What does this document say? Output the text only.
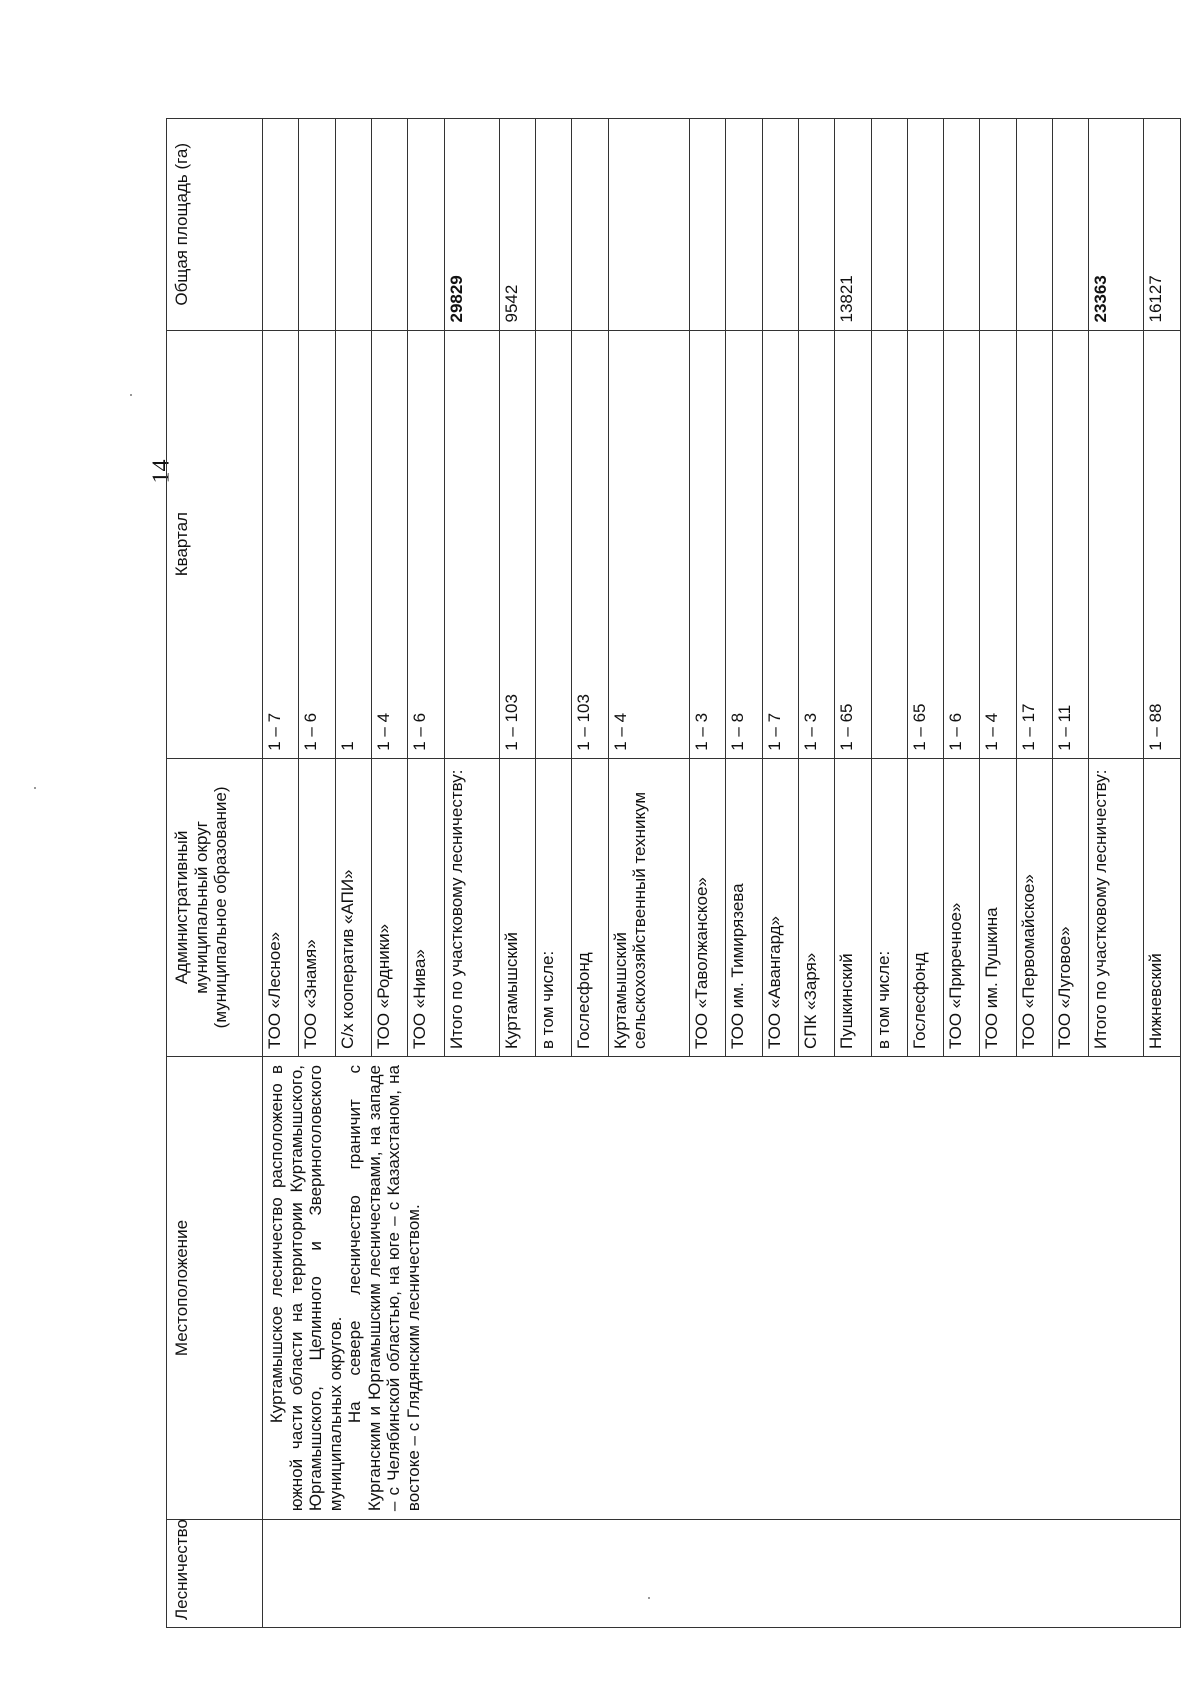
14
Лесничество	Местоположение	Административный муниципальный округ (муниципальное образование)	Квартал	Общая площадь (га)

	Куртамышское лесничество расположено в южной части области на территории Куртамышского, Юргамышского, Целинного и Звериноголовского муниципальных округов. На севере лесничество граничит с Курганским и Юргамышским лесничествами, на западе – с Челябинской областью, на юге – с Казахстаном, на востоке – с Глядянским лесничеством.	ТОО «Лесное»	1 – 7	
		ТОО «Знамя»	1 – 6	
		С/х кооператив «АПИ»	1	
		ТОО «Родники»	1 – 4	
		ТОО «Нива»	1 – 6	
		Итого по участковому лесничеству:		29829
		Куртамышский	1 – 103	9542
		в том числе:		
		Гослесфонд	1 – 103	
		Куртамышский сельскохозяйственный техникум	1 – 4	
		ТОО «Таволжанское»	1 – 3	
		ТОО им. Тимирязева	1 – 8	
		ТОО «Авангард»	1 – 7	
		СПК «Заря»	1 – 3	
		Пушкинский	1 – 65	13821
		в том числе:		
		Гослесфонд	1 – 65	
		ТОО «Приречное»	1 – 6	
		ТОО им. Пушкина	1 – 4	
		ТОО «Первомайское»	1 – 17	
		ТОО «Луговое»	1 – 11	
		Итого по участковому лесничеству:		23363
		Нижневский	1 – 88	16127
